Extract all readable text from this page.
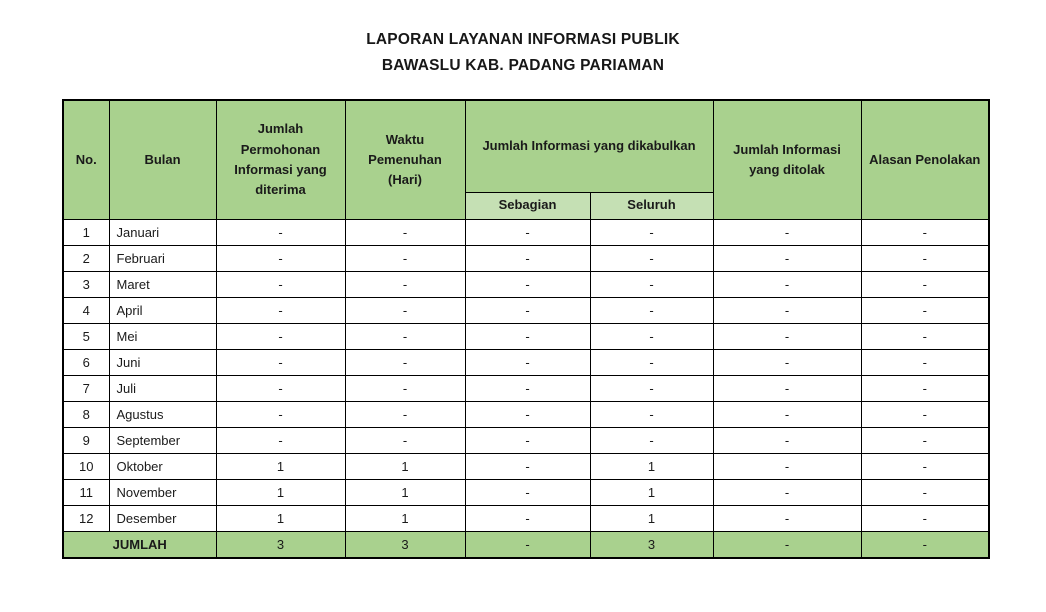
LAPORAN LAYANAN INFORMASI PUBLIK
BAWASLU KAB. PADANG PARIAMAN
No.	Bulan	Jumlah Permohonan Informasi yang diterima	Waktu Pemenuhan (Hari)	Jumlah Informasi yang dikabulkan		Jumlah Informasi yang ditolak	Alasan Penolakan
				Sebagian	Seluruh		
1	Januari	-	-	-	-	-	-
2	Februari	-	-	-	-	-	-
3	Maret	-	-	-	-	-	-
4	April	-	-	-	-	-	-
5	Mei	-	-	-	-	-	-
6	Juni	-	-	-	-	-	-
7	Juli	-	-	-	-	-	-
8	Agustus	-	-	-	-	-	-
9	September	-	-	-	-	-	-
10	Oktober	1	1	-	1	-	-
11	November	1	1	-	1	-	-
12	Desember	1	1	-	1	-	-
JUMLAH		3	3	-	3	-	-
